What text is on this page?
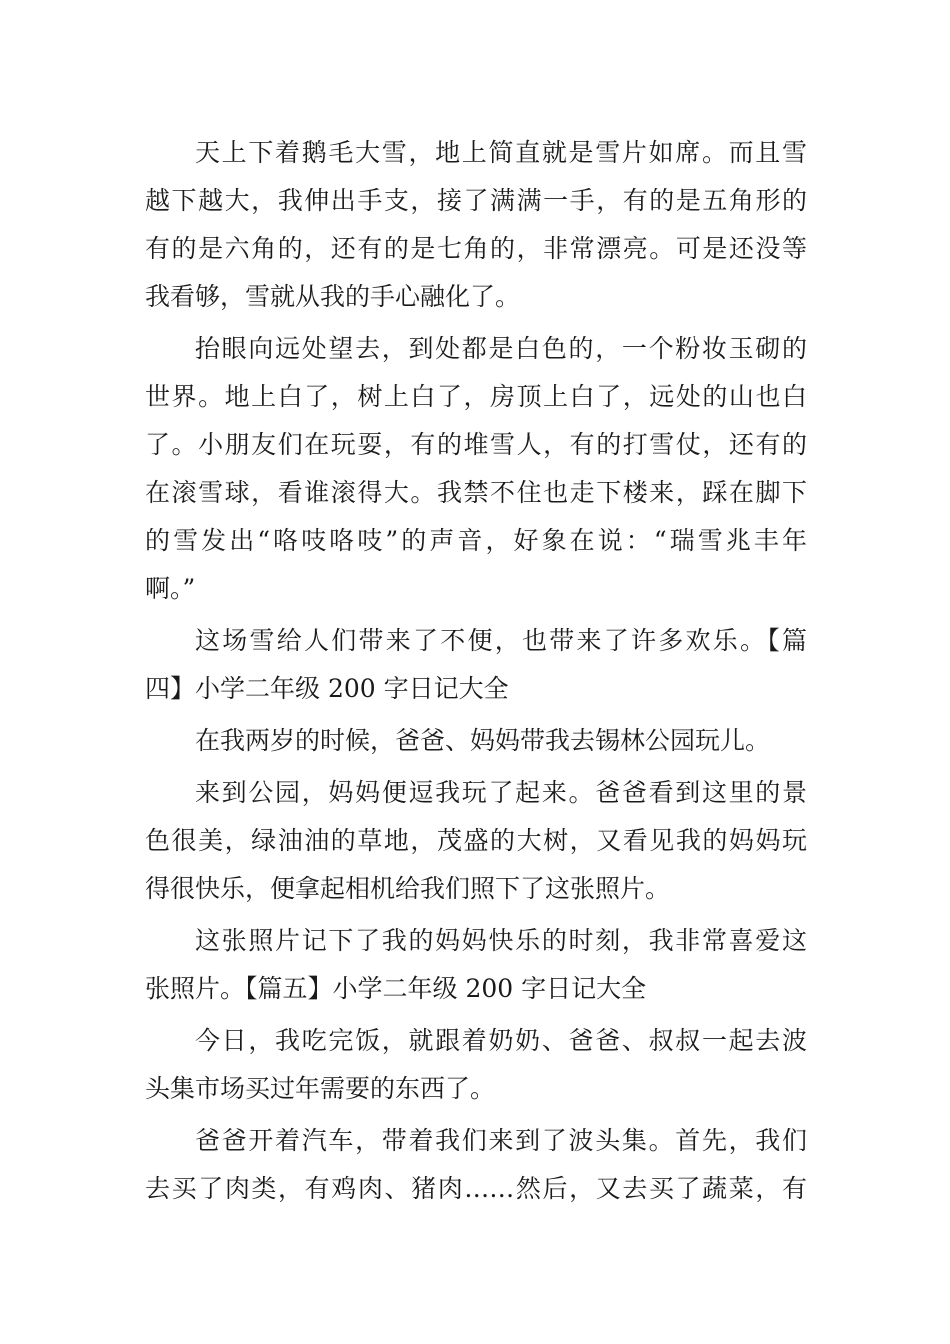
天上下着鹅毛大雪，地上简直就是雪片如席。而且雪
越下越大，我伸出手支，接了满满一手，有的是五角形的
有的是六角的，还有的是七角的，非常漂亮。可是还没等
我看够，雪就从我的手心融化了。
抬眼向远处望去，到处都是白色的，一个粉妆玉砌的
世界。地上白了，树上白了，房顶上白了，远处的山也白
了。小朋友们在玩耍，有的堆雪人，有的打雪仗，还有的
在滚雪球，看谁滚得大。我禁不住也走下楼来，踩在脚下
的雪发出“咯吱咯吱”的声音，好象在说：“瑞雪兆丰年
啊。”
这场雪给人们带来了不便，也带来了许多欢乐。【篇
四】小学二年级 200 字日记大全
在我两岁的时候，爸爸、妈妈带我去锡林公园玩儿。
来到公园，妈妈便逗我玩了起来。爸爸看到这里的景
色很美，绿油油的草地，茂盛的大树，又看见我的妈妈玩
得很快乐，便拿起相机给我们照下了这张照片。
这张照片记下了我的妈妈快乐的时刻，我非常喜爱这
张照片。【篇五】小学二年级 200 字日记大全
今日，我吃完饭，就跟着奶奶、爸爸、叔叔一起去波
头集市场买过年需要的东西了。
爸爸开着汽车，带着我们来到了波头集。首先，我们
去买了肉类，有鸡肉、猪肉……然后，又去买了蔬菜，有
